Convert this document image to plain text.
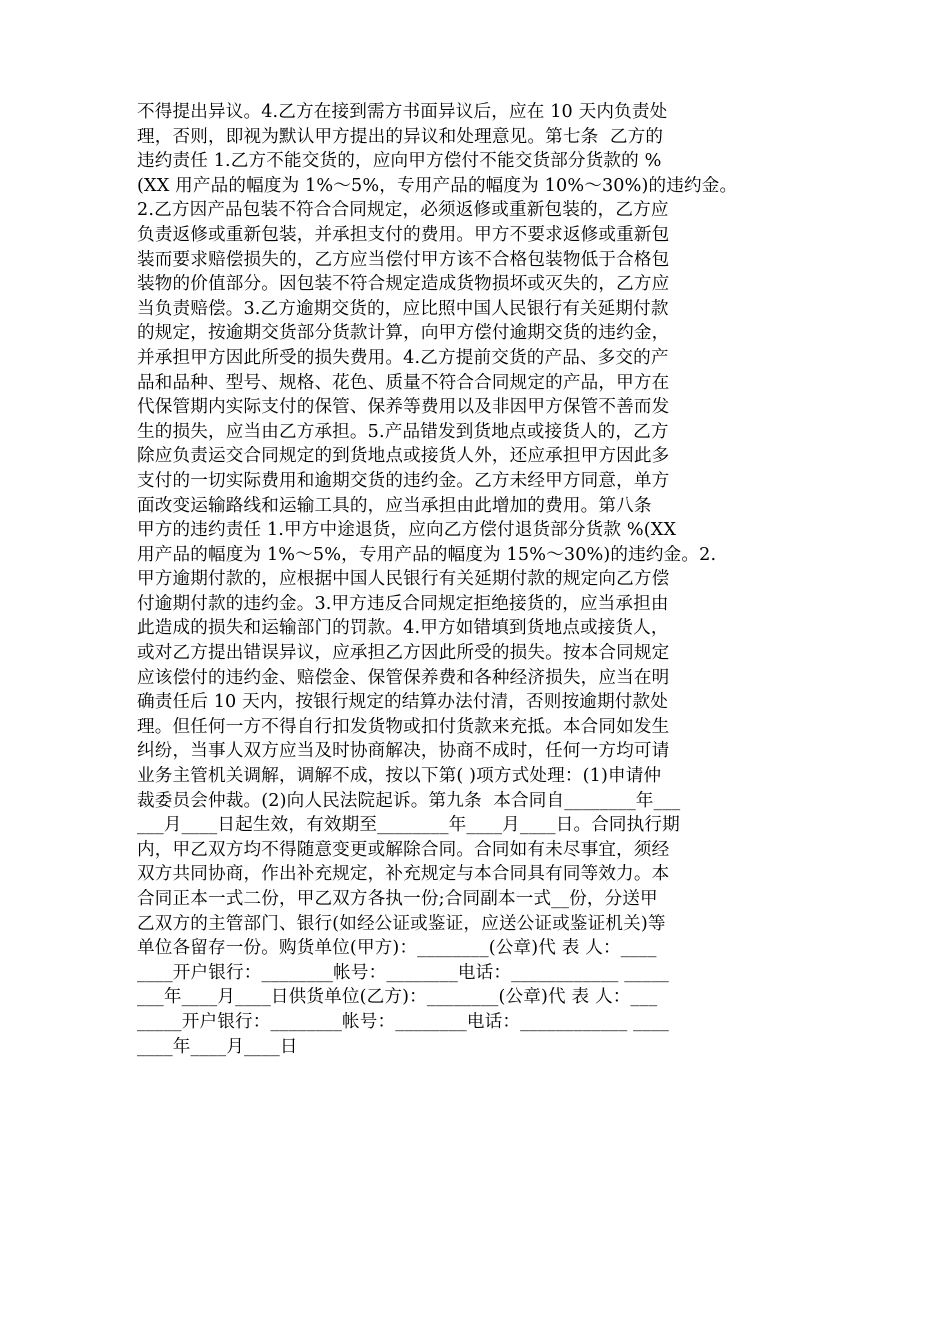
不得提出异议。4.乙方在接到需方书面异议后，应在 10 天内负责处
理，否则，即视为默认甲方提出的异议和处理意见。第七条  乙方的
违约责任 1.乙方不能交货的，应向甲方偿付不能交货部分货款的 %
(XX 用产品的幅度为 1%～5%，专用产品的幅度为 10%～30%)的违约金。
2.乙方因产品包装不符合合同规定，必须返修或重新包装的，乙方应
负责返修或重新包装，并承担支付的费用。甲方不要求返修或重新包
装而要求赔偿损失的，乙方应当偿付甲方该不合格包装物低于合格包
装物的价值部分。因包装不符合规定造成货物损坏或灭失的，乙方应
当负责赔偿。3.乙方逾期交货的，应比照中国人民银行有关延期付款
的规定，按逾期交货部分货款计算，向甲方偿付逾期交货的违约金，
并承担甲方因此所受的损失费用。4.乙方提前交货的产品、多交的产
品和品种、型号、规格、花色、质量不符合合同规定的产品，甲方在
代保管期内实际支付的保管、保养等费用以及非因甲方保管不善而发
生的损失，应当由乙方承担。5.产品错发到货地点或接货人的，乙方
除应负责运交合同规定的到货地点或接货人外，还应承担甲方因此多
支付的一切实际费用和逾期交货的违约金。乙方未经甲方同意，单方
面改变运输路线和运输工具的，应当承担由此增加的费用。第八条
甲方的违约责任 1.甲方中途退货，应向乙方偿付退货部分货款 %(XX
用产品的幅度为 1%～5%，专用产品的幅度为 15%～30%)的违约金。2.
甲方逾期付款的，应根据中国人民银行有关延期付款的规定向乙方偿
付逾期付款的违约金。3.甲方违反合同规定拒绝接货的，应当承担由
此造成的损失和运输部门的罚款。4.甲方如错填到货地点或接货人，
或对乙方提出错误异议，应承担乙方因此所受的损失。按本合同规定
应该偿付的违约金、赔偿金、保管保养费和各种经济损失，应当在明
确责任后 10 天内，按银行规定的结算办法付清，否则按逾期付款处
理。但任何一方不得自行扣发货物或扣付货款来充抵。本合同如发生
纠纷，当事人双方应当及时协商解决，协商不成时，任何一方均可请
业务主管机关调解，调解不成，按以下第( )项方式处理：(1)申请仲
裁委员会仲裁。(2)向人民法院起诉。第九条  本合同自________年___
___月____日起生效，有效期至________年____月____日。合同执行期
内，甲乙双方均不得随意变更或解除合同。合同如有未尽事宜，须经
双方共同协商，作出补充规定，补充规定与本合同具有同等效力。本
合同正本一式二份，甲乙双方各执一份;合同副本一式__份，分送甲
乙双方的主管部门、银行(如经公证或鉴证，应送公证或鉴证机关)等
单位各留存一份。购货单位(甲方)：________(公章)代 表 人：____
____开户银行：________帐号：________电话：____________ _____
___年____月____日供货单位(乙方)：________(公章)代 表 人：___
_____开户银行：________帐号：________电话：____________ ____
____年____月____日
